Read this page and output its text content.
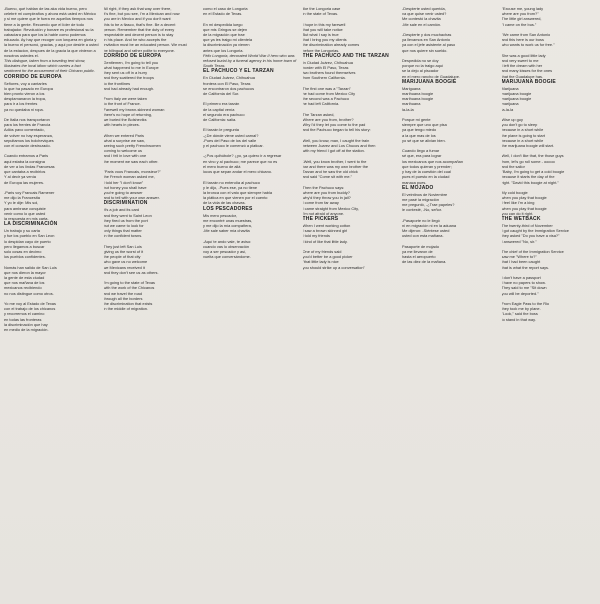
-Bueno, qué hablan de las aka vida bueno, pero celebré mi cumpleaños y ahora está usted en México y si me quiere que le fuera en aquellos tiempos nos tiene a la gente. Recuerdo que el líder de todo trabajador. Revolución y bonare es profesional su la cabaciara para que los la hable como podemos educado. Ay hay que recoger con lorquera en gloria y la bueno el personó, gracias, y aqui por desirle a usted de la estacion, despues de la gracia la que vinieron a nosotros ustedes el.

This dialogue, taken from a traveling tent show, illustrates the local idiom which carries a fact sentiment for the amusement of their Chicano public.

CORRIDO DE EUROPA

Señores, voy a cantarles
lo que ha pasado en Europa
bien pronto vieron a los
desplamanaron la tropa,
para ir a los frentes
ya no quedaba ni ropa.

De Italia nos transportaron
para los frentes de Francia
Adiós pavo comentado,
de volver no hay esperanza,
sepultamos los bolcheviques
con el corazón destrozado.

Cuando entramos a Paris
aqui estaba la consigna
de ver a los lindas Francesas
que cantaba a recibirlos
Y al decir ya venía
de Europa las mujeres.

-Paris voy Francais Ramener
me dijo la Francesita
Y yo le dije: Mis sol,
para ambrase conquiste
venir como lo que usted
la respuesta en mis carta.

LA DISCRIMINACIÓN

Un trabajo y su carta
y fue los pueblo en San Leon
lo despidan cayo de puerto
pero llegamos a buscar
solo cosas en decimo
los pueblos confidentes.

Nomás han salido de San Luis
que nos dieron la mayor
la gente de esta ciudad
que nos mañana de los
mexicanos recibiendo
no nos distingue como otros.

Yo me voy al Estado de Texas
con el trabajo de los chicanos
y recorremos el camino
en todas las fronteras
la discriminación que hay
en medio de la migración.

All right, if they ask that way over there,
it's fine, but you see, I'm a Mexican and now
you are in Mexico and if you don't want
this to be a fiasco, that's fine. Be a decent
person. Remember that the duty of every
respectable and decent person is to stay
in his place. And he who accepts the
invitation must be an educated person. We must
be bilingual and rather polite to everyone.

CORRIDO DE EUROPA

Gentlemen, I'm going to tell you
what happened to me in Europe
they sent us off in a hurry
and they scattered the troops
to the frontlines
and had already had enough.

From Italy we were taken
to the front of France.
Farewell my brown-skinned woman
there's no hope of returning,
we buried the Bolsheviks
with hearts in pieces.

When we entered Paris
what a surprise we saw,
seeing such pretty Frenchwomen
coming to welcome us
and I fell in love with one
the moment we saw each other.

"Paris voos Francais, monsieur?"
the French woman asked me,
I told her "I don't know"
but honey you shall have
you're going to answer
and to tell with your own answer.

DISCRIMINATION

It's a job and its card
and they went to Saint Leon
they fired us from the port
but we came to look for
only things that matter
in the confident towns.

They just left San Luis
giving us the worst of it
the people of that city
who gave us no welcome
we Mexicans received it
and they don't see us as others.

I'm going to the state of Texas
with the work of the Chicanos
and we travel the road
through all the borders
the discrimination that exists
in the middle of migration.

como el caso de Longoria
en el Estado de Texas.

En mi despedida luego
que mis Gringos se dejen
de la migración que trae
que ya les traigo mi clientela
la discriminación ya vienen
antes que los Longoria.

Félix Longoria, decorated World War II hero who was refused burial by a funeral agency in his home town of South Texas.

EL PACHUCO Y EL TARZAN

En Ciudad Juárez, Chihuahua
frontera con El Paso, Texas
se encontraron dos pachucos
de California del Sur.

El primero era tarzán
de la capital venía
el segundo era pachuco
de California: salía.

El tarzán le pregunta
-¿De dónde viene usted carnal?
-Pues del Paso de los del valle
y el pachuco le comenzó a platicar.

-¿Pos quihúbole? ¿yo, ya quiero ir a regresar
en vino y al pachuco; me parece que no es
el mero bueno de allá
locos que sepan andar el mero chicano.

El tarzán no entendía al pachuco
y le dijo, -Pues ese, ya no tiene
la bronca con el vato que siempre habla
la plática en que vienen por el cuento
de la vida de las chavas.

LOS PESCADORES

Mis mero pescador,
me encontré unas muestras,
y me dijo la mía compañera,
-Me sale saber mía chavita

-Aquí te ando vale, te aviso:
cuando vas lo observación
voy a ser pescador y así,
vuelta que conversándome.

like the Longoria case
in the state of Texas.

I hope in this my farewell
that you will take notice
But what I say is true
that I bring you my clients
the discrimination already comes
before the Longorias.

THE PACHUCO AND THE TARZAN

In Ciudad Juárez, Chihuahua
border with El Paso, Texas
two brothers found themselves
from Southern California.

The first one was a "Tarzan"
he had come from Mexico City
the second was a Pachuco
he had left California.

The Tarzan asked,
Where are you from, brother?
Why I'd they let you come to the pad
and the Pachuco began to tell his story:

Well, you know, man, I caught the train
between Juarez and Los Chucos and then
with my friend I got off at the station.

-Well, you know brother, I went to the
bar and there was my own brother the
Tarzan and he saw the old chick
and said "Come sit with me."

Then the Pachuco says:
where are you from buddy?
why'd they throw you in jail?
I come from far away
I came straight from Mexico City,
I'm not afraid of anyone.

THE PICKERS

When I went working cotton
I saw a brown skinned girl
I told my friends
I kind of like that little lady.

One of my friends said
you'd better be a good picker
"that little lady is nice
you should strike up a conversation"

-Despierte usted querida,
va que quise venir usted?
Me contestó la chavita
-Me sale en el camión.

-Despierte y dos muchachas
ya llevamos en San Antonio
ya con el jefe asistente al paso
que nos quiere sin sueldo.

Despedida no se doy
porque no la traigo aquí
se la dejo al piscador
en el mero rancho de Guadalupe.

MARIJUANA BOOGIE

Mariguana
marihuana boogie
marihuana boogie
marihuana
la-la-la

Porque mi gente
siempre que uno que pisa
ya que tengo miedo
a la que mas de los
yo sé que se alivian bien.

Cuando llego a fumar
sé que, era para lograr
los mexicanos que nos acompañan
que todos quieran y prender;
y hay de la cuestión del cual
pues el puesto en la ciudad
manaca pues.

EL MOJADO

El veintinos de Noviembre
me pasé la migración
me preguntó, -¿Trae papeles?
le contesté, -No, señor.

-Pasaporte no le llegó
ni en migración ni en la aduana
Me dijeron: -Siéntese usted
usted con esta mañana.

Pasaporte de mojado
ya me llevaron de
hasta el aeropuerto
de las diez de la mañana.

"Excuse me, young lady
where are you from?"
The little girl answered,
"I came on the bus."

"We came from San Antonio
and this here is our boss
who wants to work us for free."

She was a good little lady
and very sweet to me
I left the dream with her
and many kisses for the ones
that the Guadalupe has.

MARIJUANA BOOGIE

Marijuana
marijuana boogie
marijuana boogie
marijuana
la-la-la

Wise up guy
you don't go to sleep
because in a short while
the plane is going to start
because in a short while
the marijuana boogie will start.

Well, I don't like that, the those guys
from, let's go roll some - ooooo
and the sailor
"Baby, I'm going to get a cold boogie
because it starts the day of the
right. "David this boogie at night."

My cold boogie
when you play that boogie
I feel like I'm a king
when you play that boogie
you can do it right.

THE WETBACK

The twenty-third of November
I got caught by the Immigration Service
they asked "Do you have a visa?"
I answered "No, sir."

The chief of the Immigration Service
saw me "Where to?"
that I had been caught
that is what the report says.

I don't have a passport
I have no papers to show.
They said to me "Sit down
you will be deported."

From Eagle Pass to the Rio
they took me by plane.
"Look," said the boss
to stand in that way.
